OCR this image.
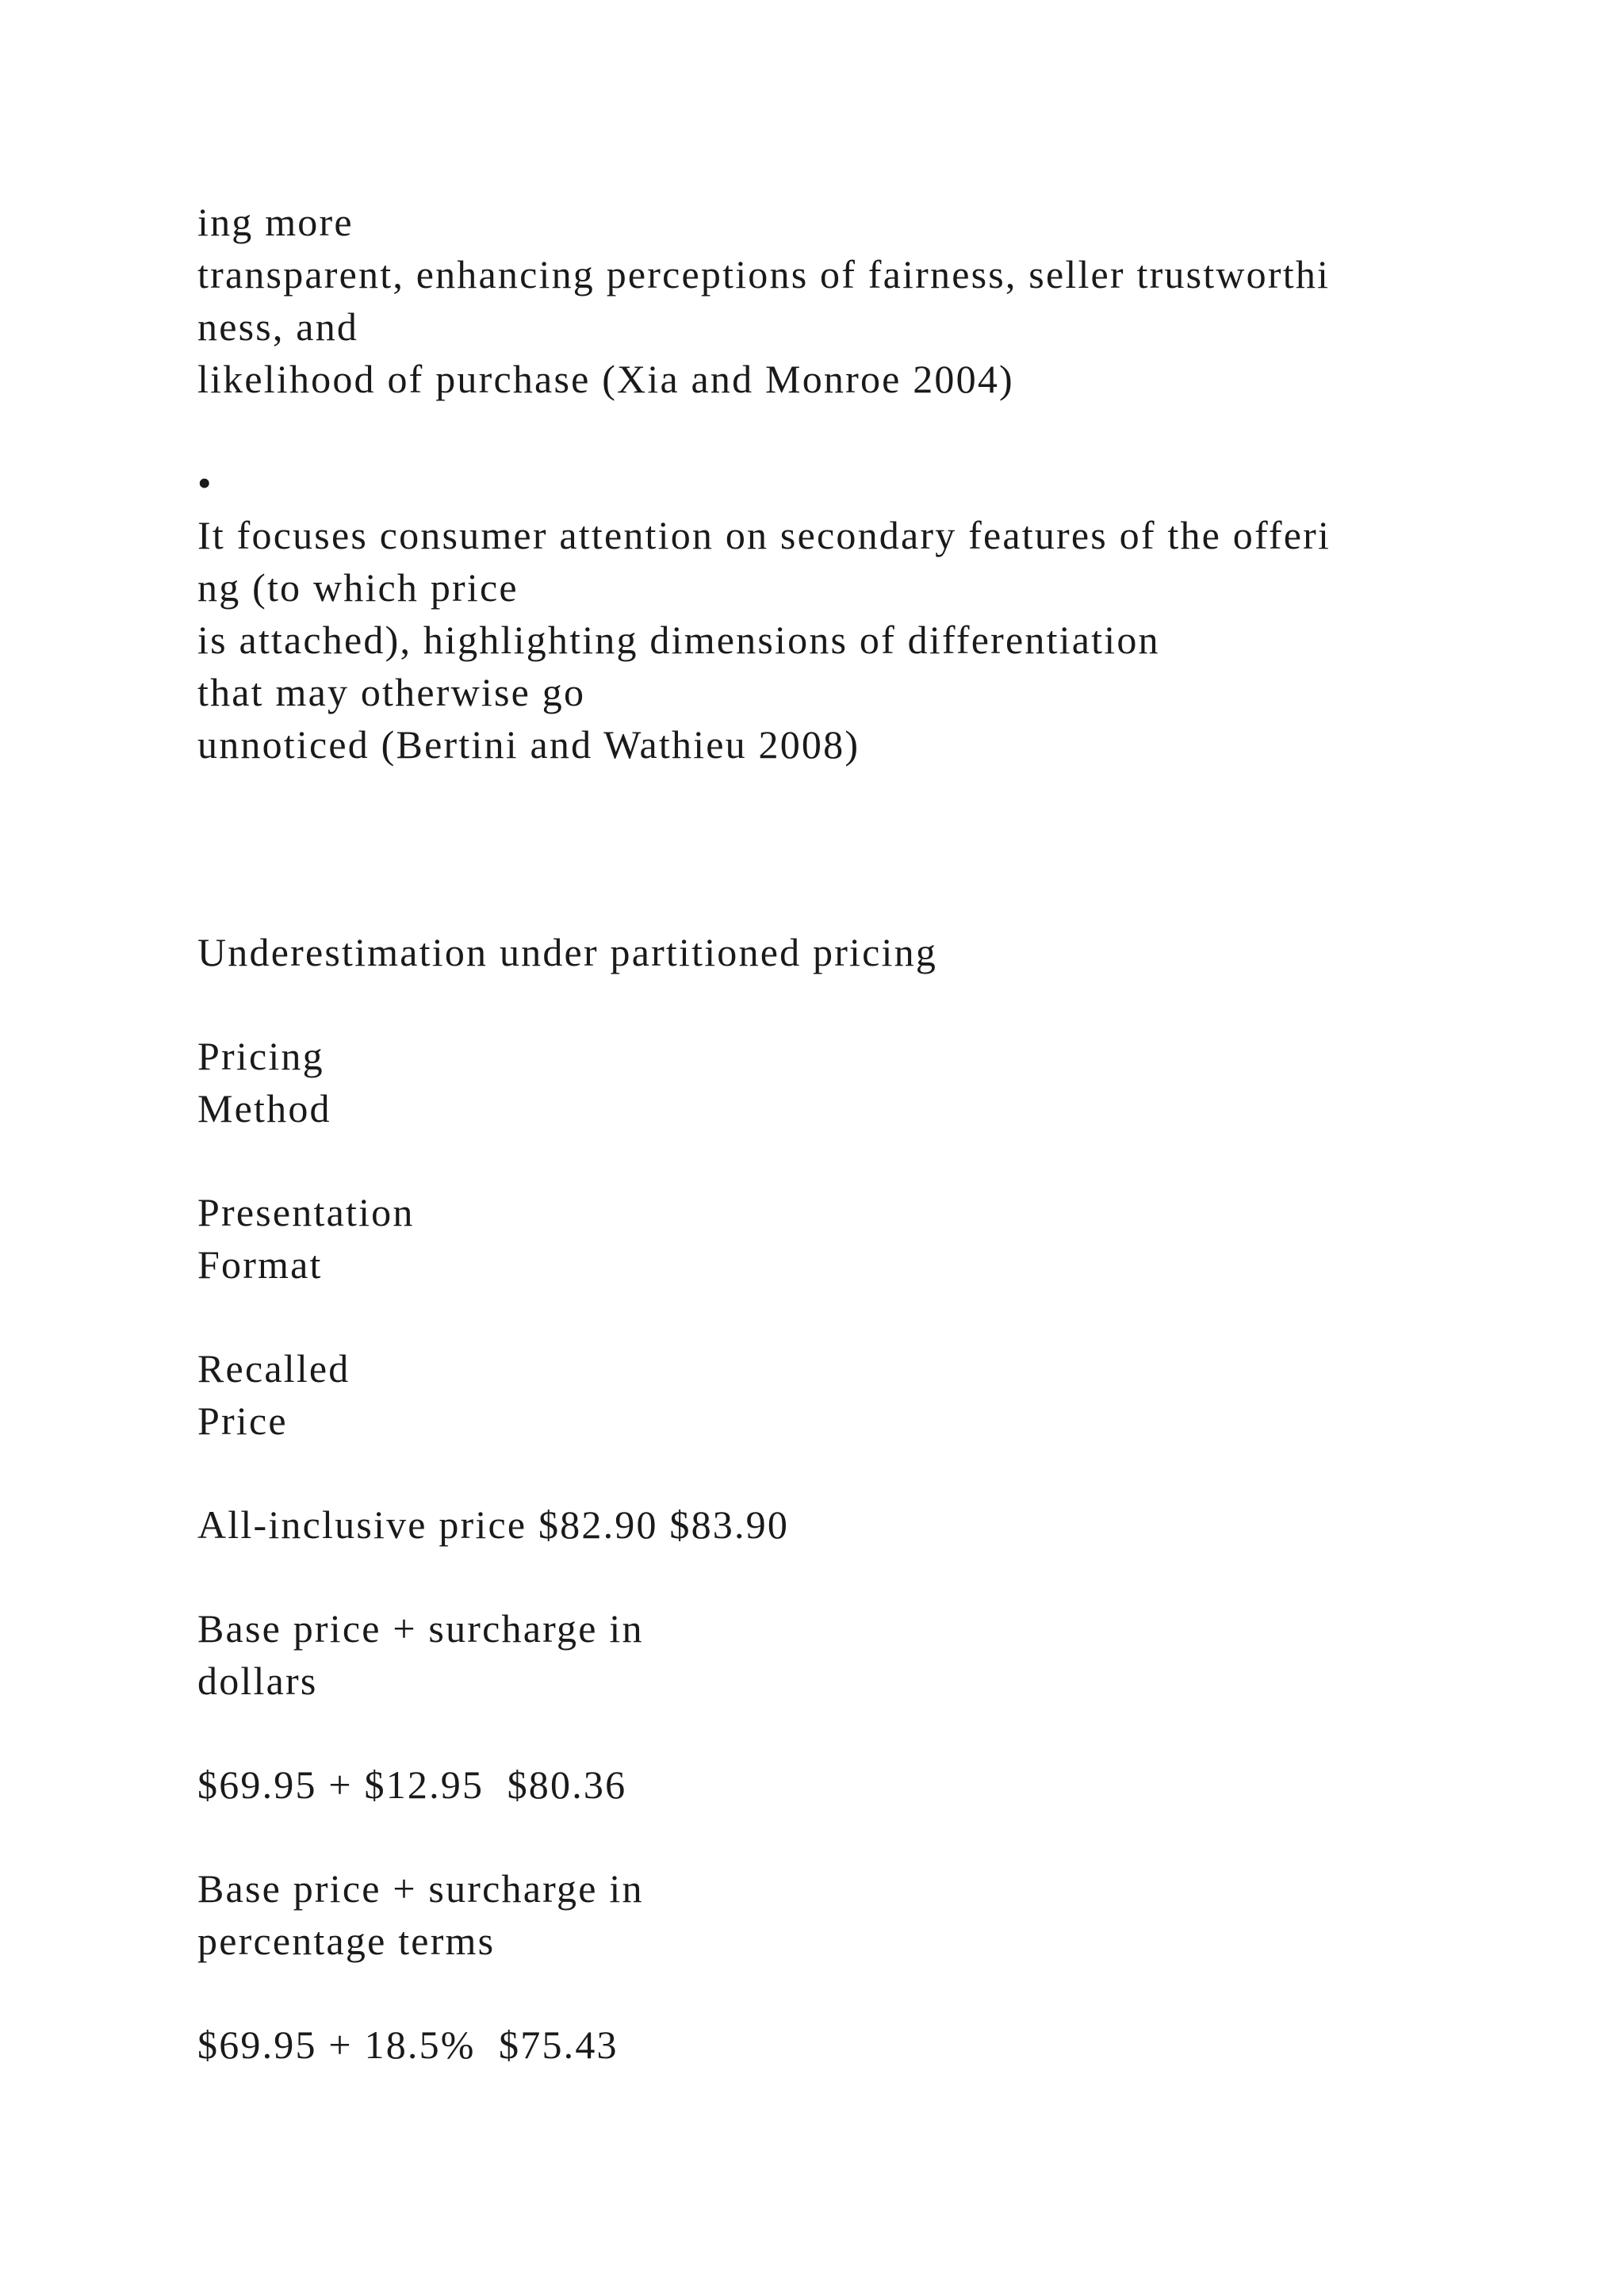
ing more

transparent, enhancing perceptions of fairness, seller trustworthi

ness, and

likelihood of purchase (Xia and Monroe 2004)

•

It focuses consumer attention on secondary features of the offeri

ng (to which price

is attached), highlighting dimensions of differentiation

that may otherwise go

unnoticed (Bertini and Wathieu 2008)

Underestimation under partitioned pricing

Pricing

Method

Presentation

Format

Recalled

Price

All-inclusive price $82.90 $83.90

Base price + surcharge in

dollars

$69.95 + $12.95  $80.36

Base price + surcharge in

percentage terms

$69.95 + 18.5%  $75.43
